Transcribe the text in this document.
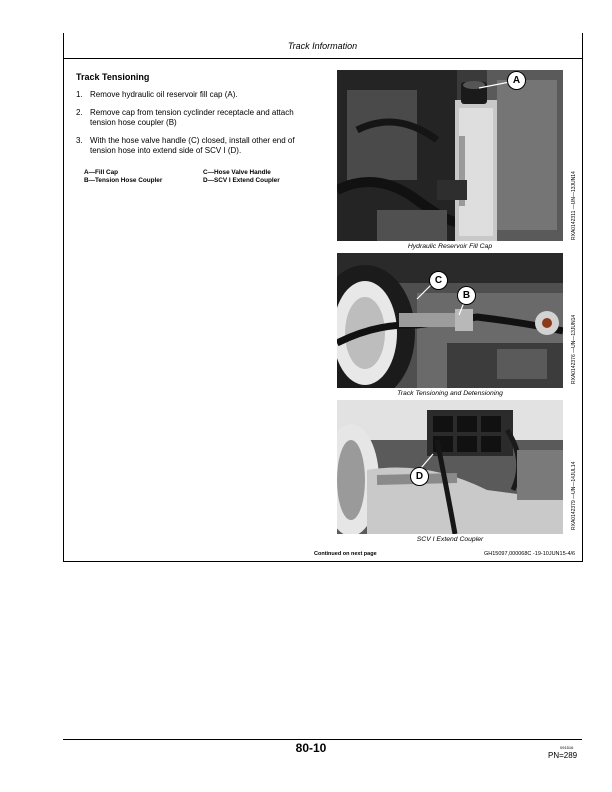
Track Information
Track Tensioning
1. Remove hydraulic oil reservoir fill cap (A).
2. Remove cap from tension cyclinder receptacle and attach tension hose coupler (B)
3. With the hose valve handle (C) closed, install other end of tension hose into extend side of SCV I (D).
A—Fill Cap
B—Tension Hose Coupler
C—Hose Valve Handle
D—SCV I Extend Coupler
A
Hydraulic Reservoir Fill Cap
RXA0142311 —UN—13JUN14
C
B
Track Tensioning and Detensioning
RXA0142376 —UN—13JUN14
D
SCV I Extend Coupler
RXA0142379 —UN—14JUL14
Continued on next page	GH15097,000068C -19-10JUN15-4/6
80-10	091516
PN=289
